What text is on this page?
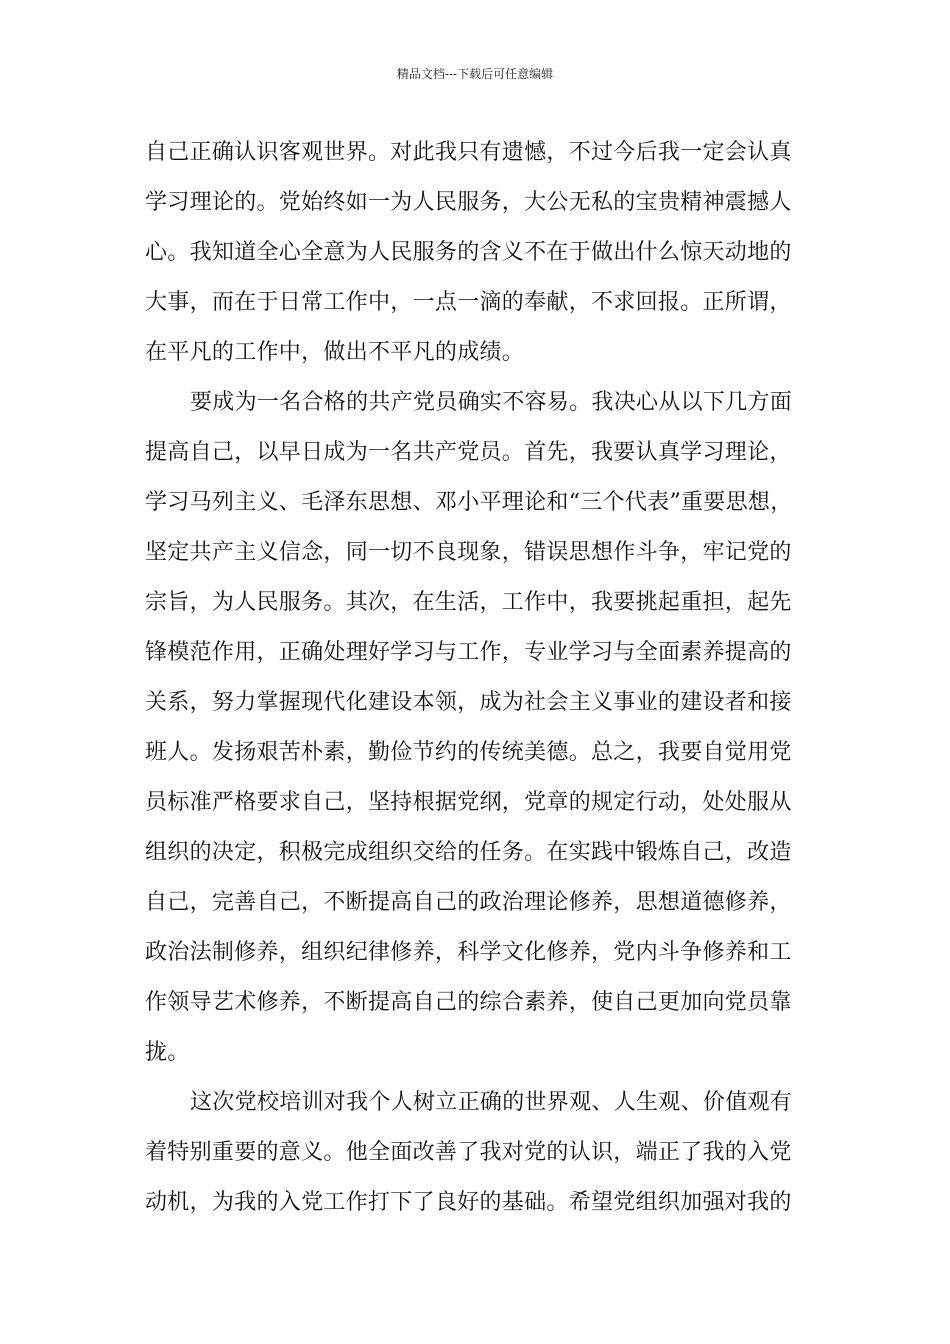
精品文档---下载后可任意编辑
自己正确认识客观世界。对此我只有遗憾，不过今后我一定会认真
学习理论的。党始终如一为人民服务，大公无私的宝贵精神震撼人
心。我知道全心全意为人民服务的含义不在于做出什么惊天动地的
大事，而在于日常工作中，一点一滴的奉献，不求回报。正所谓，
在平凡的工作中，做出不平凡的成绩。
要成为一名合格的共产党员确实不容易。我决心从以下几方面
提高自己，以早日成为一名共产党员。首先，我要认真学习理论，
学习马列主义、毛泽东思想、邓小平理论和“三个代表”重要思想，
坚定共产主义信念，同一切不良现象，错误思想作斗争，牢记党的
宗旨，为人民服务。其次，在生活，工作中，我要挑起重担，起先
锋模范作用，正确处理好学习与工作，专业学习与全面素养提高的
关系，努力掌握现代化建设本领，成为社会主义事业的建设者和接
班人。发扬艰苦朴素，勤俭节约的传统美德。总之，我要自觉用党
员标准严格要求自己，坚持根据党纲，党章的规定行动，处处服从
组织的决定，积极完成组织交给的任务。在实践中锻炼自己，改造
自己，完善自己，不断提高自己的政治理论修养，思想道德修养，
政治法制修养，组织纪律修养，科学文化修养，党内斗争修养和工
作领导艺术修养，不断提高自己的综合素养，使自己更加向党员靠
拢。
这次党校培训对我个人树立正确的世界观、人生观、价值观有
着特别重要的意义。他全面改善了我对党的认识，端正了我的入党
动机，为我的入党工作打下了良好的基础。希望党组织加强对我的
